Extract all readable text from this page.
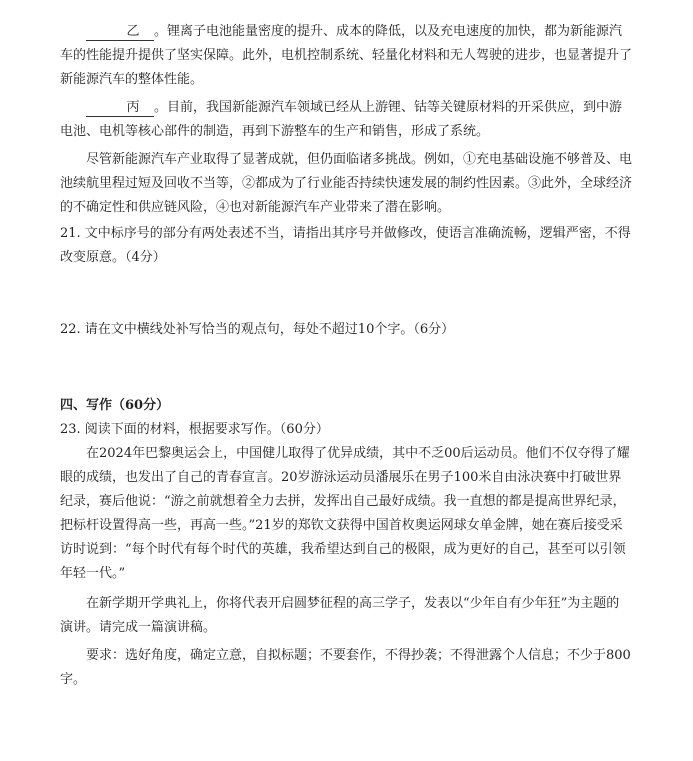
乙 。锂离子电池能量密度的提升、成本的降低，以及充电速度的加快，都为新能源汽车的性能提升提供了坚实保障。此外，电机控制系统、轻量化材料和无人驾驶的进步，也显著提升了新能源汽车的整体性能。

丙 。目前，我国新能源汽车领域已经从上游锂、钴等关键原材料的开采供应，到中游电池、电机等核心部件的制造，再到下游整车的生产和销售，形成了系统。

尽管新能源汽车产业取得了显著成就，但仍面临诸多挑战。例如，①充电基础设施不够普及、电池续航里程过短及回收不当等，②都成为了行业能否持续快速发展的制约性因素。③此外，全球经济的不确定性和供应链风险，④也对新能源汽车产业带来了潜在影响。

21. 文中标序号的部分有两处表述不当，请指出其序号并做修改，使语言准确流畅，逻辑严密，不得改变原意。（4分）

22. 请在文中横线处补写恰当的观点句，每处不超过10个字。（6分）

四、写作（60分）

23. 阅读下面的材料，根据要求写作。（60分）

在2024年巴黎奥运会上，中国健儿取得了优异成绩，其中不乏00后运动员。他们不仅夺得了耀眼的成绩，也发出了自己的青春宣言。20岁游泳运动员潘展乐在男子100米自由泳决赛中打破世界纪录，赛后他说：“游之前就想着全力去拼，发挥出自己最好成绩。我一直想的都是提高世界纪录，把标杆设置得高一些，再高一些。”21岁的郑钦文获得中国首枚奥运网球女单金牌，她在赛后接受采访时说到：“每个时代有每个时代的英雄，我希望达到自己的极限，成为更好的自己，甚至可以引领年轻一代。”

在新学期开学典礼上，你将代表开启圆梦征程的高三学子，发表以“少年自有少年狂”为主题的演讲。请完成一篇演讲稿。

要求：选好角度，确定立意，自拟标题；不要套作，不得抄袭；不得泄露个人信息；不少于800字。
